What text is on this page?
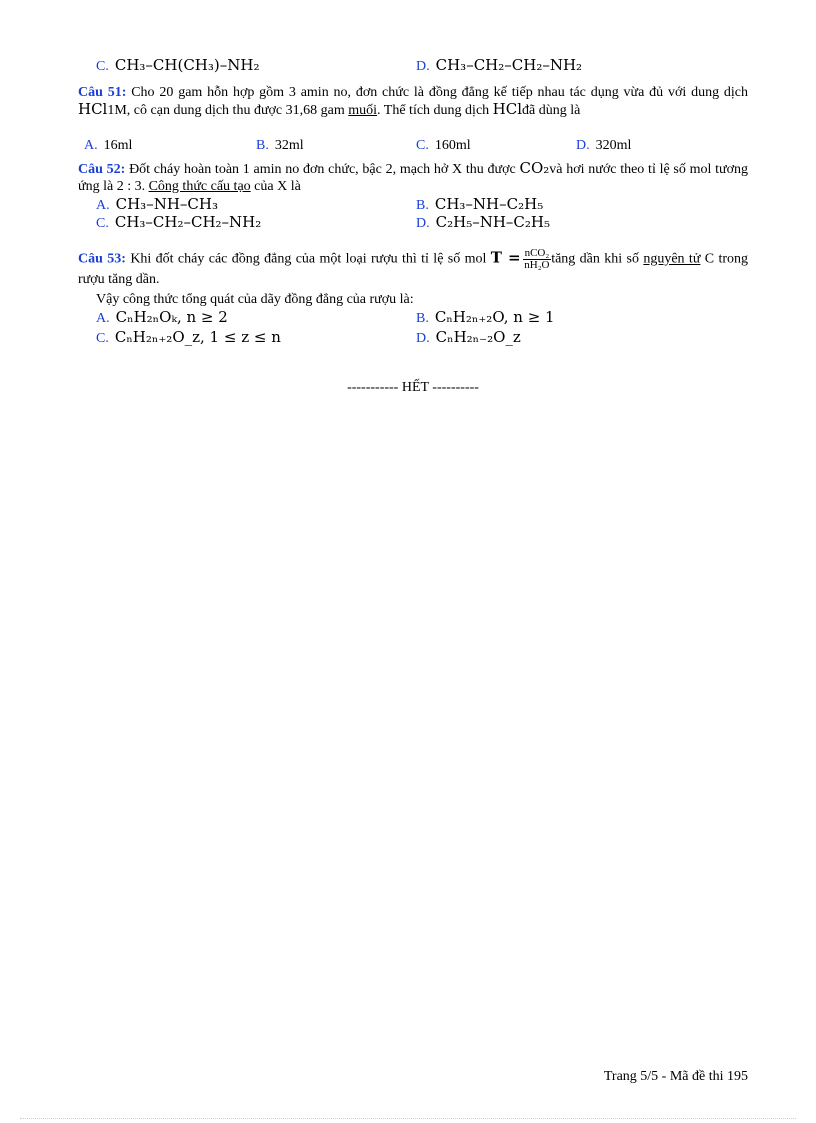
C. CH₃–CH(CH₃)–NH₂	D. CH₃–CH₂–CH₂–NH₂
Câu 51: Cho 20 gam hỗn hợp gồm 3 amin no, đơn chức là đồng đẳng kế tiếp nhau tác dụng vừa đủ với dung dịch HCl1M, cô cạn dung dịch thu được 31,68 gam muối. Thể tích dung dịch HClđã dùng là
A. 16ml	B. 32ml	C. 160ml	D. 320ml
Câu 52: Đốt cháy hoàn toàn 1 amin no đơn chức, bậc 2, mạch hở X thu được CO₂và hơi nước theo tỉ lệ số mol tương ứng là 2 : 3. Công thức cấu tạo của X là
A. CH₃–NH–CH₃	B. CH₃–NH–C₂H₅
C. CH₃–CH₂–CH₂–NH₂	D. C₂H₅–NH–C₂H₅
Câu 53: Khi đốt cháy các đồng đẳng của một loại rượu thì tỉ lệ số mol $T = \frac{\text{nCO₂}}{\text{nH₂O}}$ tăng dần khi số nguyên tử C trong rượu tăng dần.
Vậy công thức tổng quát của dãy đồng đẳng của rượu là:
A. CₙH₂ₙOₖ, n ≥ 2	B. CₙH₂ₙ₊₂O, n ≥ 1
C. CₙH₂ₙ₊₂O_z, 1 ≤ z ≤ n	D. CₙH₂ₙ₋₂O_z
----------- HẾT ----------
Trang 5/5 - Mã đề thi 195
